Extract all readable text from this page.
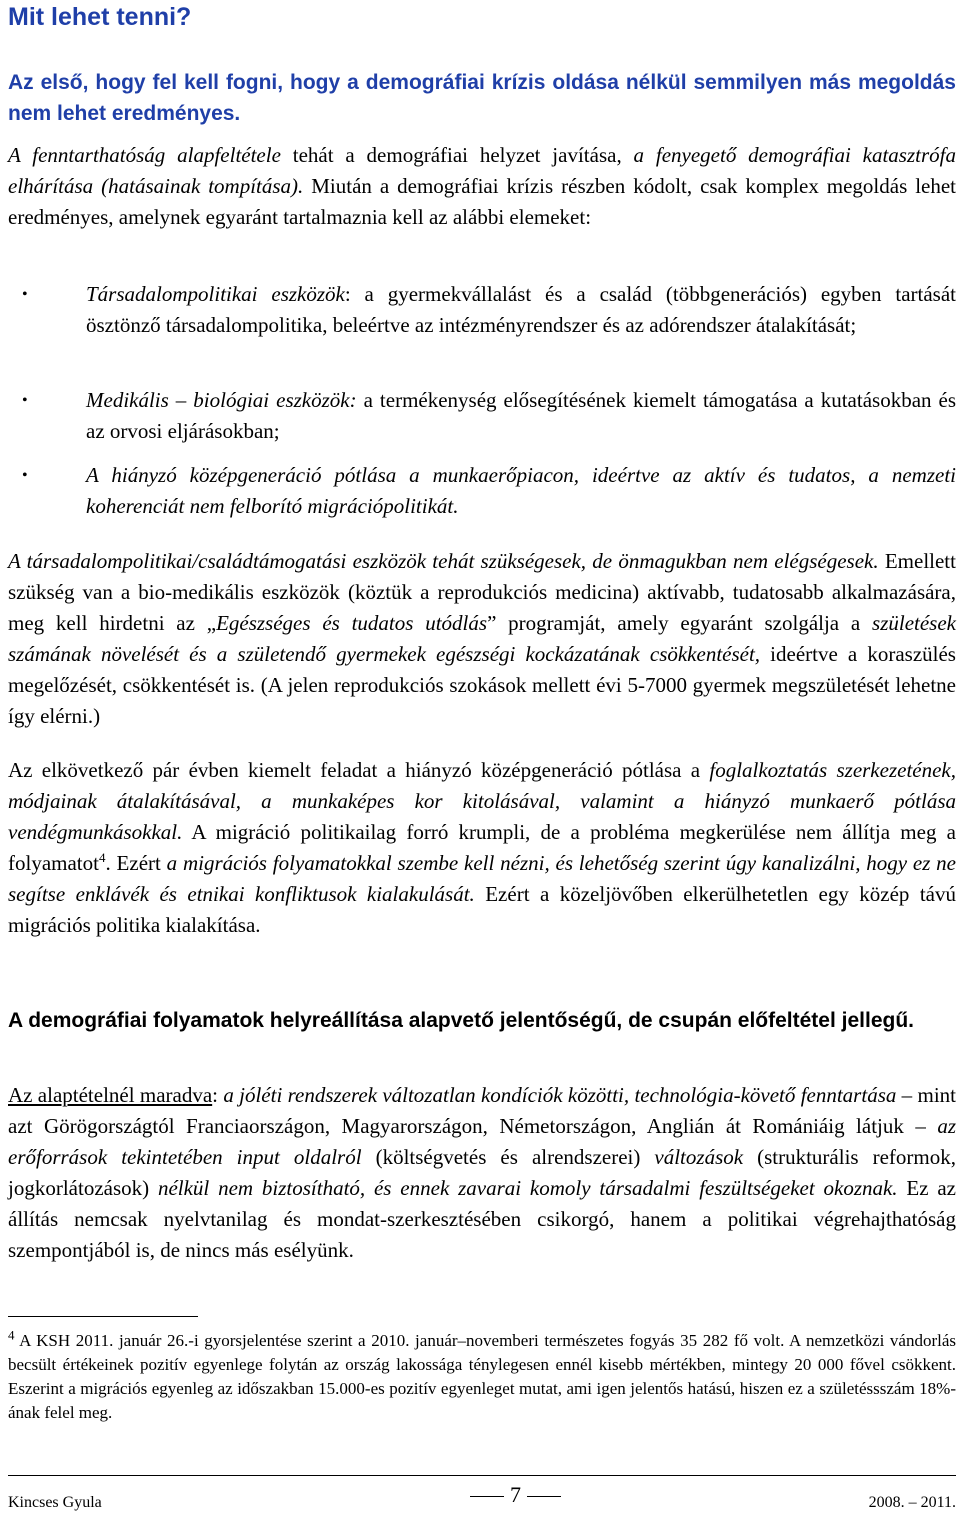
Mit lehet tenni?
Az első, hogy fel kell fogni, hogy a demográfiai krízis oldása nélkül semmilyen más megoldás nem lehet eredményes.
A fenntarthatóság alapfeltétele tehát a demográfiai helyzet javítása, a fenyegető demográfiai katasztrófa elhárítása (hatásainak tompítása). Miután a demográfiai krízis részben kódolt, csak komplex megoldás lehet eredményes, amelynek egyaránt tartalmaznia kell az alábbi elemeket:
•	Társadalompolitikai eszközök: a gyermekvállalást és a család (többgenerációs) egyben tartását ösztönző társadalompolitika, beleértve az intézményrendszer és az adórendszer átalakítását;
•	Medikális – biológiai eszközök: a termékenység elősegítésének kiemelt támogatása a kutatásokban és az orvosi eljárásokban;
•	A hiányzó középgeneráció pótlása a munkaerőpiacon, ideértve az aktív és tudatos, a nemzeti koherenciát nem felborító migrációpolitikát.
A társadalompolitikai/családtámogatási eszközök tehát szükségesek, de önmagukban nem elégségesek. Emellett szükség van a bio-medikális eszközök (köztük a reprodukciós medicina) aktívabb, tudatosabb alkalmazására, meg kell hirdetni az „Egészséges és tudatos utódlás” programját, amely egyaránt szolgálja a születések számának növelését és a születendő gyermekek egészségi kockázatának csökkentését, ideértve a koraszülés megelőzését, csökkentését is. (A jelen reprodukciós szokások mellett évi 5-7000 gyermek megszületését lehetne így elérni.)
Az elkövetkező pár évben kiemelt feladat a hiányzó középgeneráció pótlása a foglalkoztatás szerkezetének, módjainak átalakításával, a munkaképes kor kitolásával, valamint a hiányzó munkaerő pótlása vendégmunkásokkal. A migráció politikailag forró krumpli, de a probléma megkerülése nem állítja meg a folyamatot$^4$. Ezért a migrációs folyamatokkal szembe kell nézni, és lehetőség szerint úgy kanalizálni, hogy ez ne segítse enklávék és etnikai konfliktusok kialakulását. Ezért a közeljövőben elkerülhetetlen egy közép távú migrációs politika kialakítása.
A demográfiai folyamatok helyreállítása alapvető jelentőségű, de csupán előfeltétel jellegű.
Az alaptételnél maradva: a jóléti rendszerek változatlan kondíciók közötti, technológia-követő fenntartása – mint azt Görögországtól Franciaországon, Magyarországon, Németországon, Anglián át Romániáig látjuk – az erőforrások tekintetében input oldalról (költségvetés és alrendszerei) változások (strukturális reformok, jogkorlátozások) nélkül nem biztosítható, és ennek zavarai komoly társadalmi feszültségeket okoznak. Ez az állítás nemcsak nyelvtanilag és mondat-szerkesztésében csikorgó, hanem a politikai végrehajthatóság szempontjából is, de nincs más esélyünk.
$^4$ A KSH 2011. január 26.-i gyorsjelentése szerint a 2010. január–novemberi természetes fogyás 35 282 fő volt. A nemzetközi vándorlás becsült értékeinek pozitív egyenlege folytán az ország lakossága ténylegesen ennél kisebb mértékben, mintegy 20 000 fővel csökkent. Eszerint a migrációs egyenleg az időszakban 15.000-es pozitív egyenleget mutat, ami igen jelentős hatású, hiszen ez a születéssszám 18%-ának felel meg.
Kincses Gyula	7	2008. – 2011.
